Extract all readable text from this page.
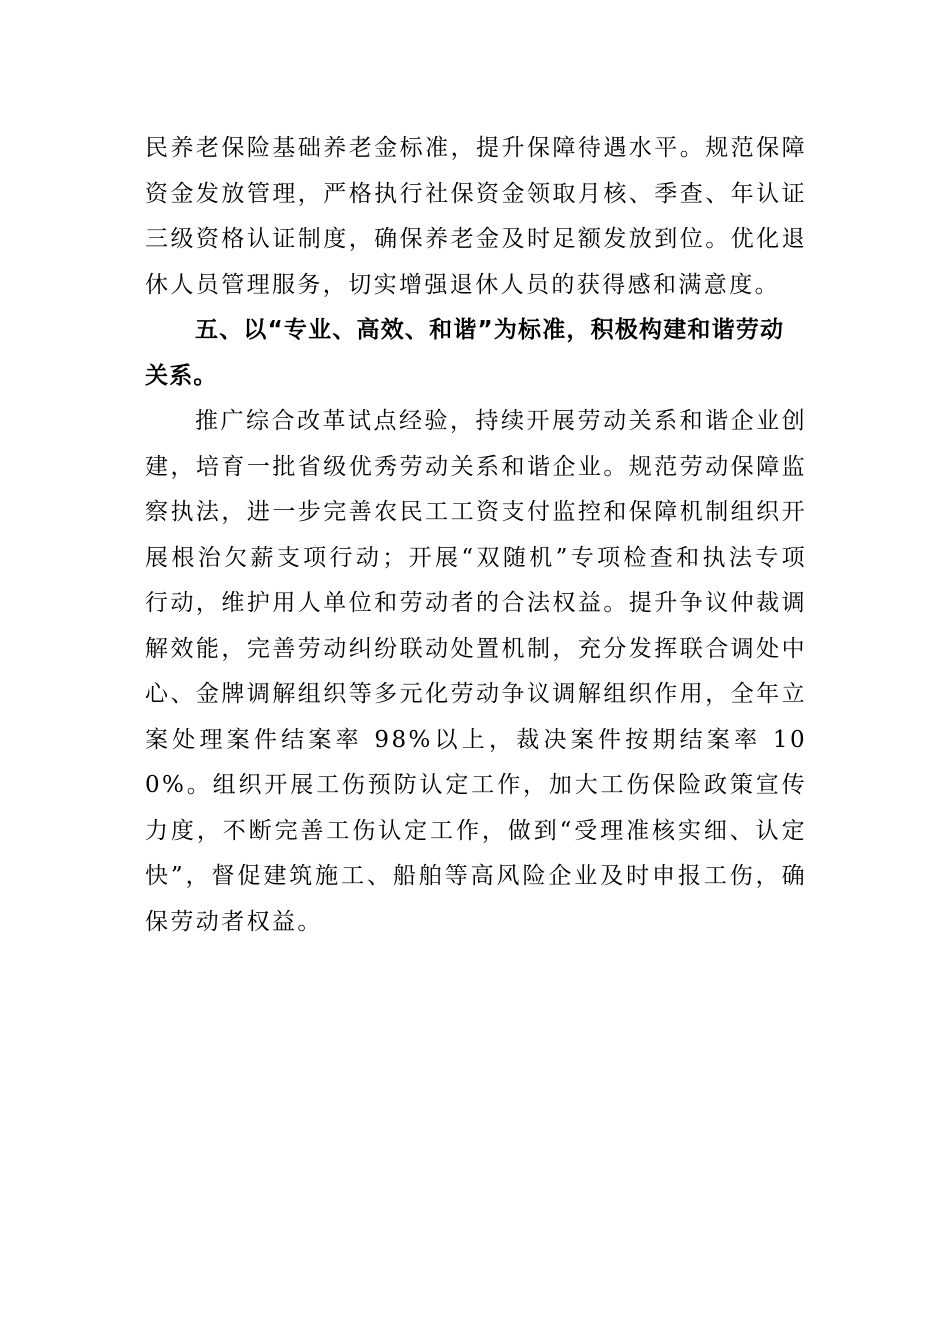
民养老保险基础养老金标准，提升保障待遇水平。规范保障资金发放管理，严格执行社保资金领取月核、季查、年认证三级资格认证制度，确保养老金及时足额发放到位。优化退休人员管理服务，切实增强退休人员的获得感和满意度。

五、以“专业、高效、和谐”为标准，积极构建和谐劳动关系。

推广综合改革试点经验，持续开展劳动关系和谐企业创建，培育一批省级优秀劳动关系和谐企业。规范劳动保障监察执法，进一步完善农民工工资支付监控和保障机制组织开展根治欠薪支项行动；开展“双随机”专项检查和执法专项行动，维护用人单位和劳动者的合法权益。提升争议仲裁调解效能，完善劳动纠纷联动处置机制，充分发挥联合调处中心、金牌调解组织等多元化劳动争议调解组织作用，全年立案处理案件结案率 98%以上，裁决案件按期结案率 100%。组织开展工伤预防认定工作，加大工伤保险政策宣传力度，不断完善工伤认定工作，做到“受理准核实细、认定快”，督促建筑施工、船舶等高风险企业及时申报工伤，确保劳动者权益。
